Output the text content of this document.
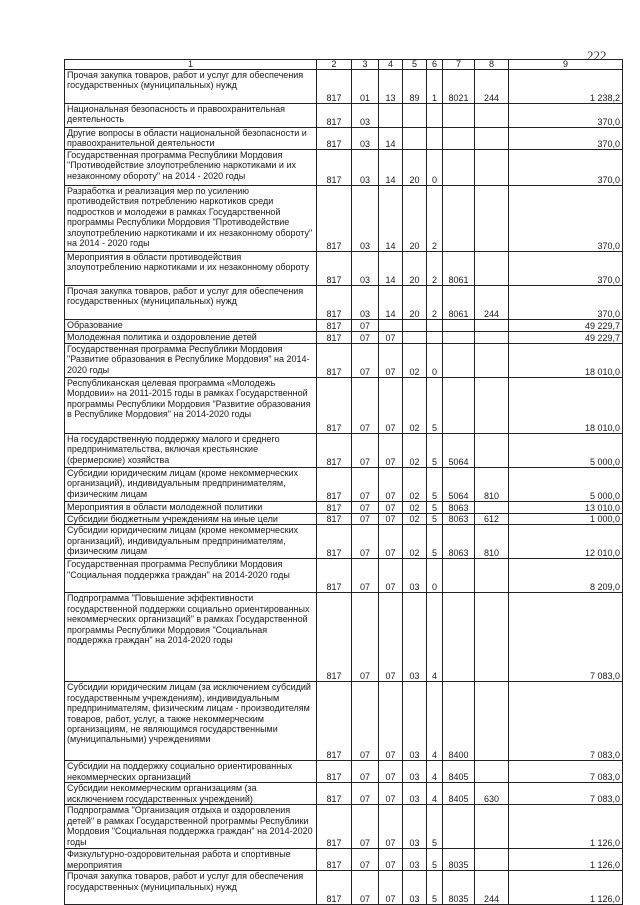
222
1	2	3	4	5	6	7	8	9
Прочая закупка товаров, работ и услуг для обеспечения государственных (муниципальных) нужд	817	01	13	89	1	8021	244	1 238,2
Национальная безопасность и правоохранительная деятельность	817	03						370,0
Другие вопросы в области национальной безопасности и правоохранительной деятельности	817	03	14					370,0
Государственная программа Республики Мордовия "Противодействие злоупотреблению наркотиками и их незаконному обороту" на 2014 - 2020 годы	817	03	14	20	0			370,0
Разработка и реализация мер по усилению противодействия потреблению наркотиков среди подростков и молодежи в рамках Государственной программы Республики Мордовия "Противодействие злоупотреблению наркотиками и их незаконному обороту" на 2014 - 2020 годы	817	03	14	20	2			370,0
Мероприятия в области противодействия злоупотреблению наркотиками и их незаконному обороту	817	03	14	20	2	8061		370,0
Прочая закупка товаров, работ и услуг для обеспечения государственных (муниципальных) нужд	817	03	14	20	2	8061	244	370,0
Образование	817	07						49 229,7
Молодежная политика и оздоровление детей	817	07	07					49 229,7
Государственная программа Республики Мордовия "Развитие образования в Республике Мордовия" на 2014-2020 годы	817	07	07	02	0			18 010,0
Республиканская целевая программа «Молодежь Мордовии» на 2011-2015 годы в рамках Государственной программы Республики Мордовия "Развитие образования в Республике Мордовия" на 2014-2020 годы	817	07	07	02	5			18 010,0
На государственную поддержку малого и среднего предпринимательства, включая крестьянские (фермерские) хозяйства	817	07	07	02	5	5064		5 000,0
Субсидии юридическим лицам (кроме некоммерческих организаций), индивидуальным предпринимателям, физическим лицам	817	07	07	02	5	5064	810	5 000,0
Мероприятия в области молодежной политики	817	07	07	02	5	8063		13 010,0
Субсидии бюджетным учреждениям на иные цели	817	07	07	02	5	8063	612	1 000,0
Субсидии юридическим лицам (кроме некоммерческих организаций), индивидуальным предпринимателям, физическим лицам	817	07	07	02	5	8063	810	12 010,0
Государственная программа Республики Мордовия "Социальная поддержка граждан" на 2014-2020 годы	817	07	07	03	0			8 209,0
Подпрограмма "Повышение эффективности государственной поддержки социально ориентированных некоммерческих организаций" в рамках Государственной программы Республики Мордовия "Социальная поддержка граждан" на 2014-2020 годы	817	07	07	03	4			7 083,0
Субсидии юридическим лицам (за исключением субсидий государственным учреждениям), индивидуальным предпринимателям, физическим лицам - производителям товаров, работ, услуг, а также некоммерческим организациям, не являющимся государственными (муниципальными) учреждениями	817	07	07	03	4	8400		7 083,0
Субсидии на поддержку социально ориентированных некоммерческих организаций	817	07	07	03	4	8405		7 083,0
Субсидии некоммерческим организациям (за исключением государственных учреждений)	817	07	07	03	4	8405	630	7 083,0
Подпрограмма "Организация отдыха и оздоровления детей" в рамках Государственной программы Республики Мордовия "Социальная поддержка граждан" на 2014-2020 годы	817	07	07	03	5			1 126,0
Физкультурно-оздоровительная работа и спортивные мероприятия	817	07	07	03	5	8035		1 126,0
Прочая закупка товаров, работ и услуг для обеспечения государственных (муниципальных) нужд	817	07	07	03	5	8035	244	1 126,0
